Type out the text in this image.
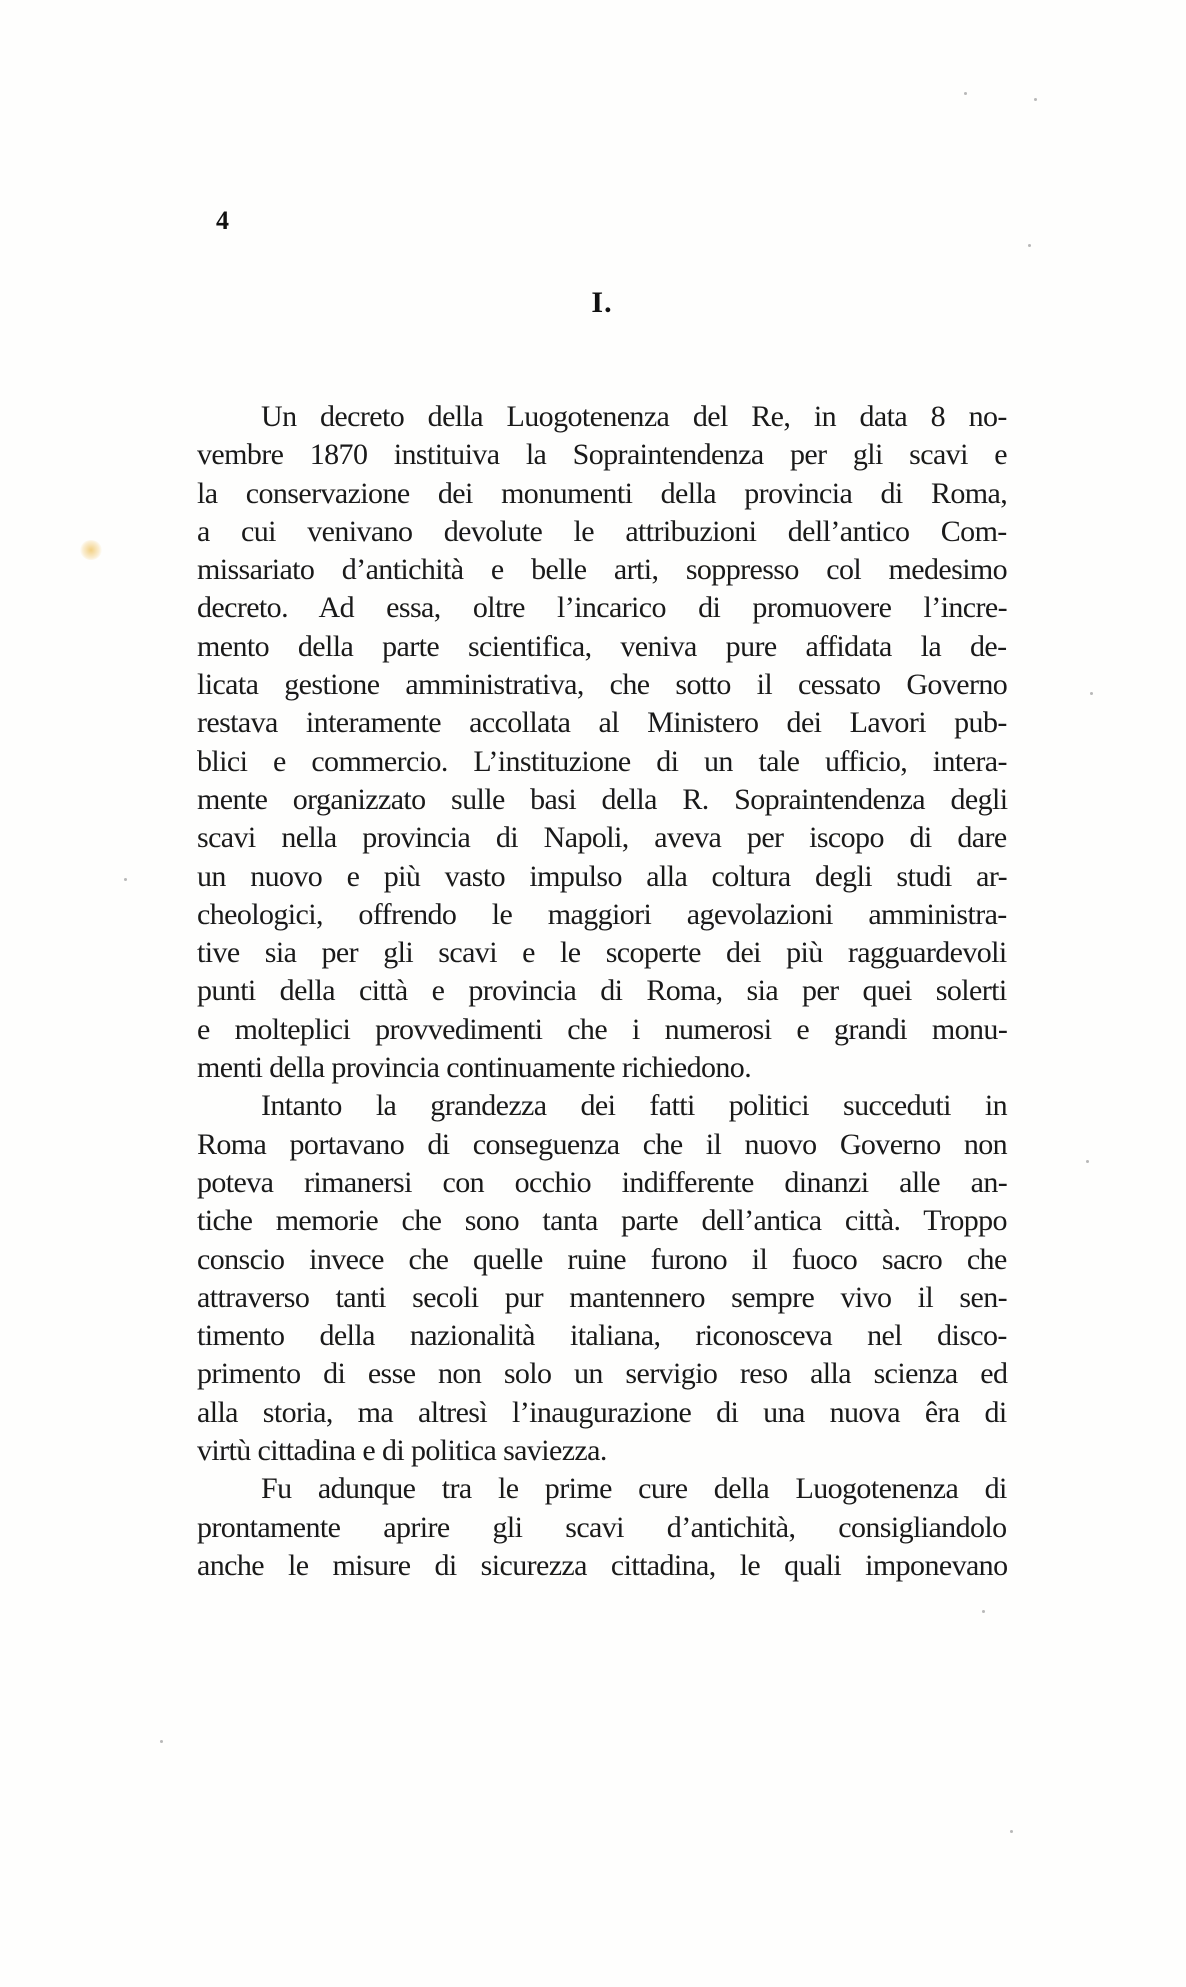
4
I.
Un decreto della Luogotenenza del Re, in data 8 no-
vembre 1870 instituiva la Sopraintendenza per gli scavi e
la conservazione dei monumenti della provincia di Roma,
a cui venivano devolute le attribuzioni dell’antico Com-
missariato d’antichità e belle arti, soppresso col medesimo
decreto. Ad essa, oltre l’incarico di promuovere l’incre-
mento della parte scientifica, veniva pure affidata la de-
licata gestione amministrativa, che sotto il cessato Governo
restava interamente accollata al Ministero dei Lavori pub-
blici e commercio. L’instituzione di un tale ufficio, intera-
mente organizzato sulle basi della R. Sopraintendenza degli
scavi nella provincia di Napoli, aveva per iscopo di dare
un nuovo e più vasto impulso alla coltura degli studi ar-
cheologici, offrendo le maggiori agevolazioni amministra-
tive sia per gli scavi e le scoperte dei più ragguardevoli
punti della città e provincia di Roma, sia per quei solerti
e molteplici provvedimenti che i numerosi e grandi monu-
menti della provincia continuamente richiedono.
Intanto la grandezza dei fatti politici succeduti in
Roma portavano di conseguenza che il nuovo Governo non
poteva rimanersi con occhio indifferente dinanzi alle an-
tiche memorie che sono tanta parte dell’antica città. Troppo
conscio invece che quelle ruine furono il fuoco sacro che
attraverso tanti secoli pur mantennero sempre vivo il sen-
timento della nazionalità italiana, riconosceva nel disco-
primento di esse non solo un servigio reso alla scienza ed
alla storia, ma altresì l’inaugurazione di una nuova êra di
virtù cittadina e di politica saviezza.
Fu adunque tra le prime cure della Luogotenenza di
prontamente aprire gli scavi d’antichità, consigliandolo
anche le misure di sicurezza cittadina, le quali imponevano
